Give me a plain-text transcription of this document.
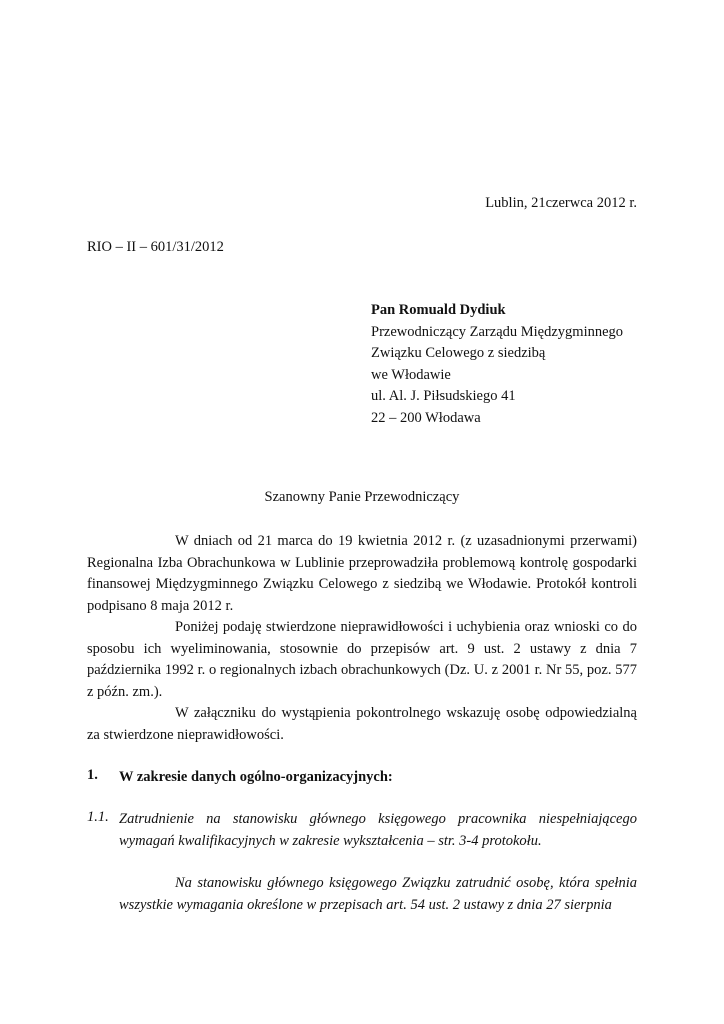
Lublin, 21czerwca 2012 r.
RIO – II – 601/31/2012
Pan Romuald Dydiuk
Przewodniczący Zarządu Międzygminnego
Związku Celowego z siedzibą
we Włodawie
ul. Al. J. Piłsudskiego 41
22 – 200 Włodawa
Szanowny Panie Przewodniczący
W dniach od 21 marca do 19 kwietnia 2012 r. (z uzasadnionymi przerwami) Regionalna Izba Obrachunkowa w Lublinie przeprowadziła problemową kontrolę gospodarki finansowej Międzygminnego Związku Celowego z siedzibą we Włodawie. Protokół kontroli podpisano 8 maja 2012 r.
Poniżej podaję stwierdzone nieprawidłowości i uchybienia oraz wnioski co do sposobu ich wyeliminowania, stosownie do przepisów art. 9 ust. 2 ustawy z dnia 7 października 1992 r. o regionalnych izbach obrachunkowych (Dz. U. z 2001 r. Nr 55, poz. 577 z późn. zm.).
W załączniku do wystąpienia pokontrolnego wskazuję osobę odpowiedzialną za stwierdzone nieprawidłowości.
1. W zakresie danych ogólno-organizacyjnych:
1.1. Zatrudnienie na stanowisku głównego księgowego pracownika niespełniającego wymagań kwalifikacyjnych w zakresie wykształcenia – str. 3-4 protokołu.
Na stanowisku głównego księgowego Związku zatrudnić osobę, która spełnia wszystkie wymagania określone w przepisach art. 54 ust. 2 ustawy z dnia 27 sierpnia
